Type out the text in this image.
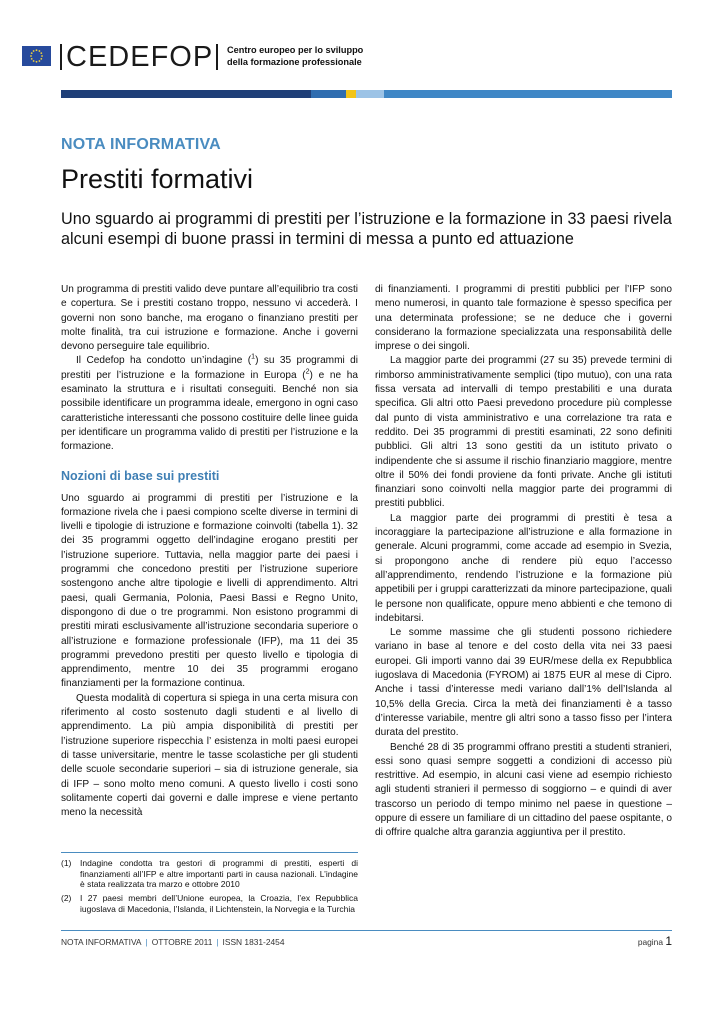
CEDEFOP Centro europeo per lo sviluppo
della formazione professionale
NOTA INFORMATIVA
Prestiti formativi
Uno sguardo ai programmi di prestiti per l’istruzione e la formazione in 33 paesi rivela alcuni esempi di buone prassi in termini di messa a punto ed attuazione

Un programma di prestiti valido deve puntare all’equilibrio tra costi e copertura. Se i prestiti costano troppo, nessuno vi accederà. I governi non sono banche, ma erogano o finanziano prestiti per molte finalità, tra cui istruzione e formazione. Anche i governi devono perseguire tale equilibrio.

Il Cedefop ha condotto un’indagine ($^1$) su 35 programmi di prestiti per l’istruzione e la formazione in Europa ($^2$) e ne ha esaminato la struttura e i risultati conseguiti. Benché non sia possibile identificare un programma ideale, emergono in ogni caso caratteristiche interessanti che possono costituire delle linee guida per identificare un programma valido di prestiti per l’istruzione e la formazione.

Nozioni di base sui prestiti

Uno sguardo ai programmi di prestiti per l’istruzione e la formazione rivela che i paesi compiono scelte diverse in termini di livelli e tipologie di istruzione e formazione coinvolti (tabella 1). 32 dei 35 programmi oggetto dell’indagine erogano prestiti per l’istruzione superiore. Tuttavia, nella maggior parte dei paesi i programmi che concedono prestiti per l’istruzione superiore sostengono anche altre tipologie e livelli di apprendimento. Altri paesi, quali Germania, Polonia, Paesi Bassi e Regno Unito, dispongono di due o tre programmi. Non esistono programmi di prestiti mirati esclusivamente all’istruzione secondaria superiore o all’istruzione e formazione professionale (IFP), ma 11 dei 35 programmi prevedono prestiti per questo livello e tipologia di apprendimento, mentre 10 dei 35 programmi erogano finanziamenti per la formazione continua.

Questa modalità di copertura si spiega in una certa misura con riferimento al costo sostenuto dagli studenti e al livello di apprendimento. La più ampia disponibilità di prestiti per l’istruzione superiore rispecchia l’ esistenza in molti paesi europei di tasse universitarie, mentre le tasse scolastiche per gli studenti delle scuole secondarie superiori – sia di istruzione generale, sia di IFP – sono molto meno comuni. A questo livello i costi sono solitamente coperti dai governi e dalle imprese e viene pertanto meno la necessità

di finanziamenti. I programmi di prestiti pubblici per l’IFP sono meno numerosi, in quanto tale formazione è spesso specifica per una determinata professione; se ne deduce che i governi considerano la formazione specializzata una responsabilità delle imprese o dei singoli.

La maggior parte dei programmi (27 su 35) prevede termini di rimborso amministrativamente semplici (tipo mutuo), con una rata fissa versata ad intervalli di tempo prestabiliti e una durata specifica. Gli altri otto Paesi prevedono procedure più complesse dal punto di vista amministrativo e una correlazione tra rata e reddito. Dei 35 programmi di prestiti esaminati, 22 sono definiti pubblici. Gli altri 13 sono gestiti da un istituto privato o indipendente che si assume il rischio finanziario maggiore, mentre oltre il 50% dei fondi proviene da fonti private. Anche gli istituti finanziari sono coinvolti nella maggior parte dei programmi di prestiti pubblici.

La maggior parte dei programmi di prestiti è tesa a incoraggiare la partecipazione all’istruzione e alla formazione in generale. Alcuni programmi, come accade ad esempio in Svezia, si propongono anche di rendere più equo l’accesso all’apprendimento, rendendo l’istruzione e la formazione più appetibili per i gruppi caratterizzati da minore partecipazione, quali le persone non qualificate, oppure meno abbienti e che temono di indebitarsi.

Le somme massime che gli studenti possono richiedere variano in base al tenore e del costo della vita nei 33 paesi europei. Gli importi vanno dai 39 EUR/mese della ex Repubblica iugoslava di Macedonia (FYROM) ai 1875 EUR al mese di Cipro. Anche i tassi d’interesse medi variano dall’1% dell’Islanda al 10,5% della Grecia. Circa la metà dei finanziamenti è a tasso d’interesse variabile, mentre gli altri sono a tasso fisso per l’intera durata del prestito.

Benché 28 di 35 programmi offrano prestiti a studenti stranieri, essi sono quasi sempre soggetti a condizioni di accesso più restrittive. Ad esempio, in alcuni casi viene ad esempio richiesto agli studenti stranieri il permesso di soggiorno – e quindi di aver trascorso un periodo di tempo minimo nel paese in questione – oppure di essere un familiare di un cittadino del paese ospitante, o di offrire qualche altra garanzia aggiuntiva per il prestito.

(1) Indagine condotta tra gestori di programmi di prestiti, esperti di finanziamenti all’IFP e altre importanti parti in causa nazionali. L’indagine è stata realizzata tra marzo e ottobre 2010
(2) I 27 paesi membri dell’Unione europea, la Croazia, l’ex Repubblica iugoslava di Macedonia, l’Islanda, il Lichtenstein, la Norvegia e la Turchia
NOTA INFORMATIVA | OTTOBRE 2011 | ISSN 1831-2454	pagina 1
